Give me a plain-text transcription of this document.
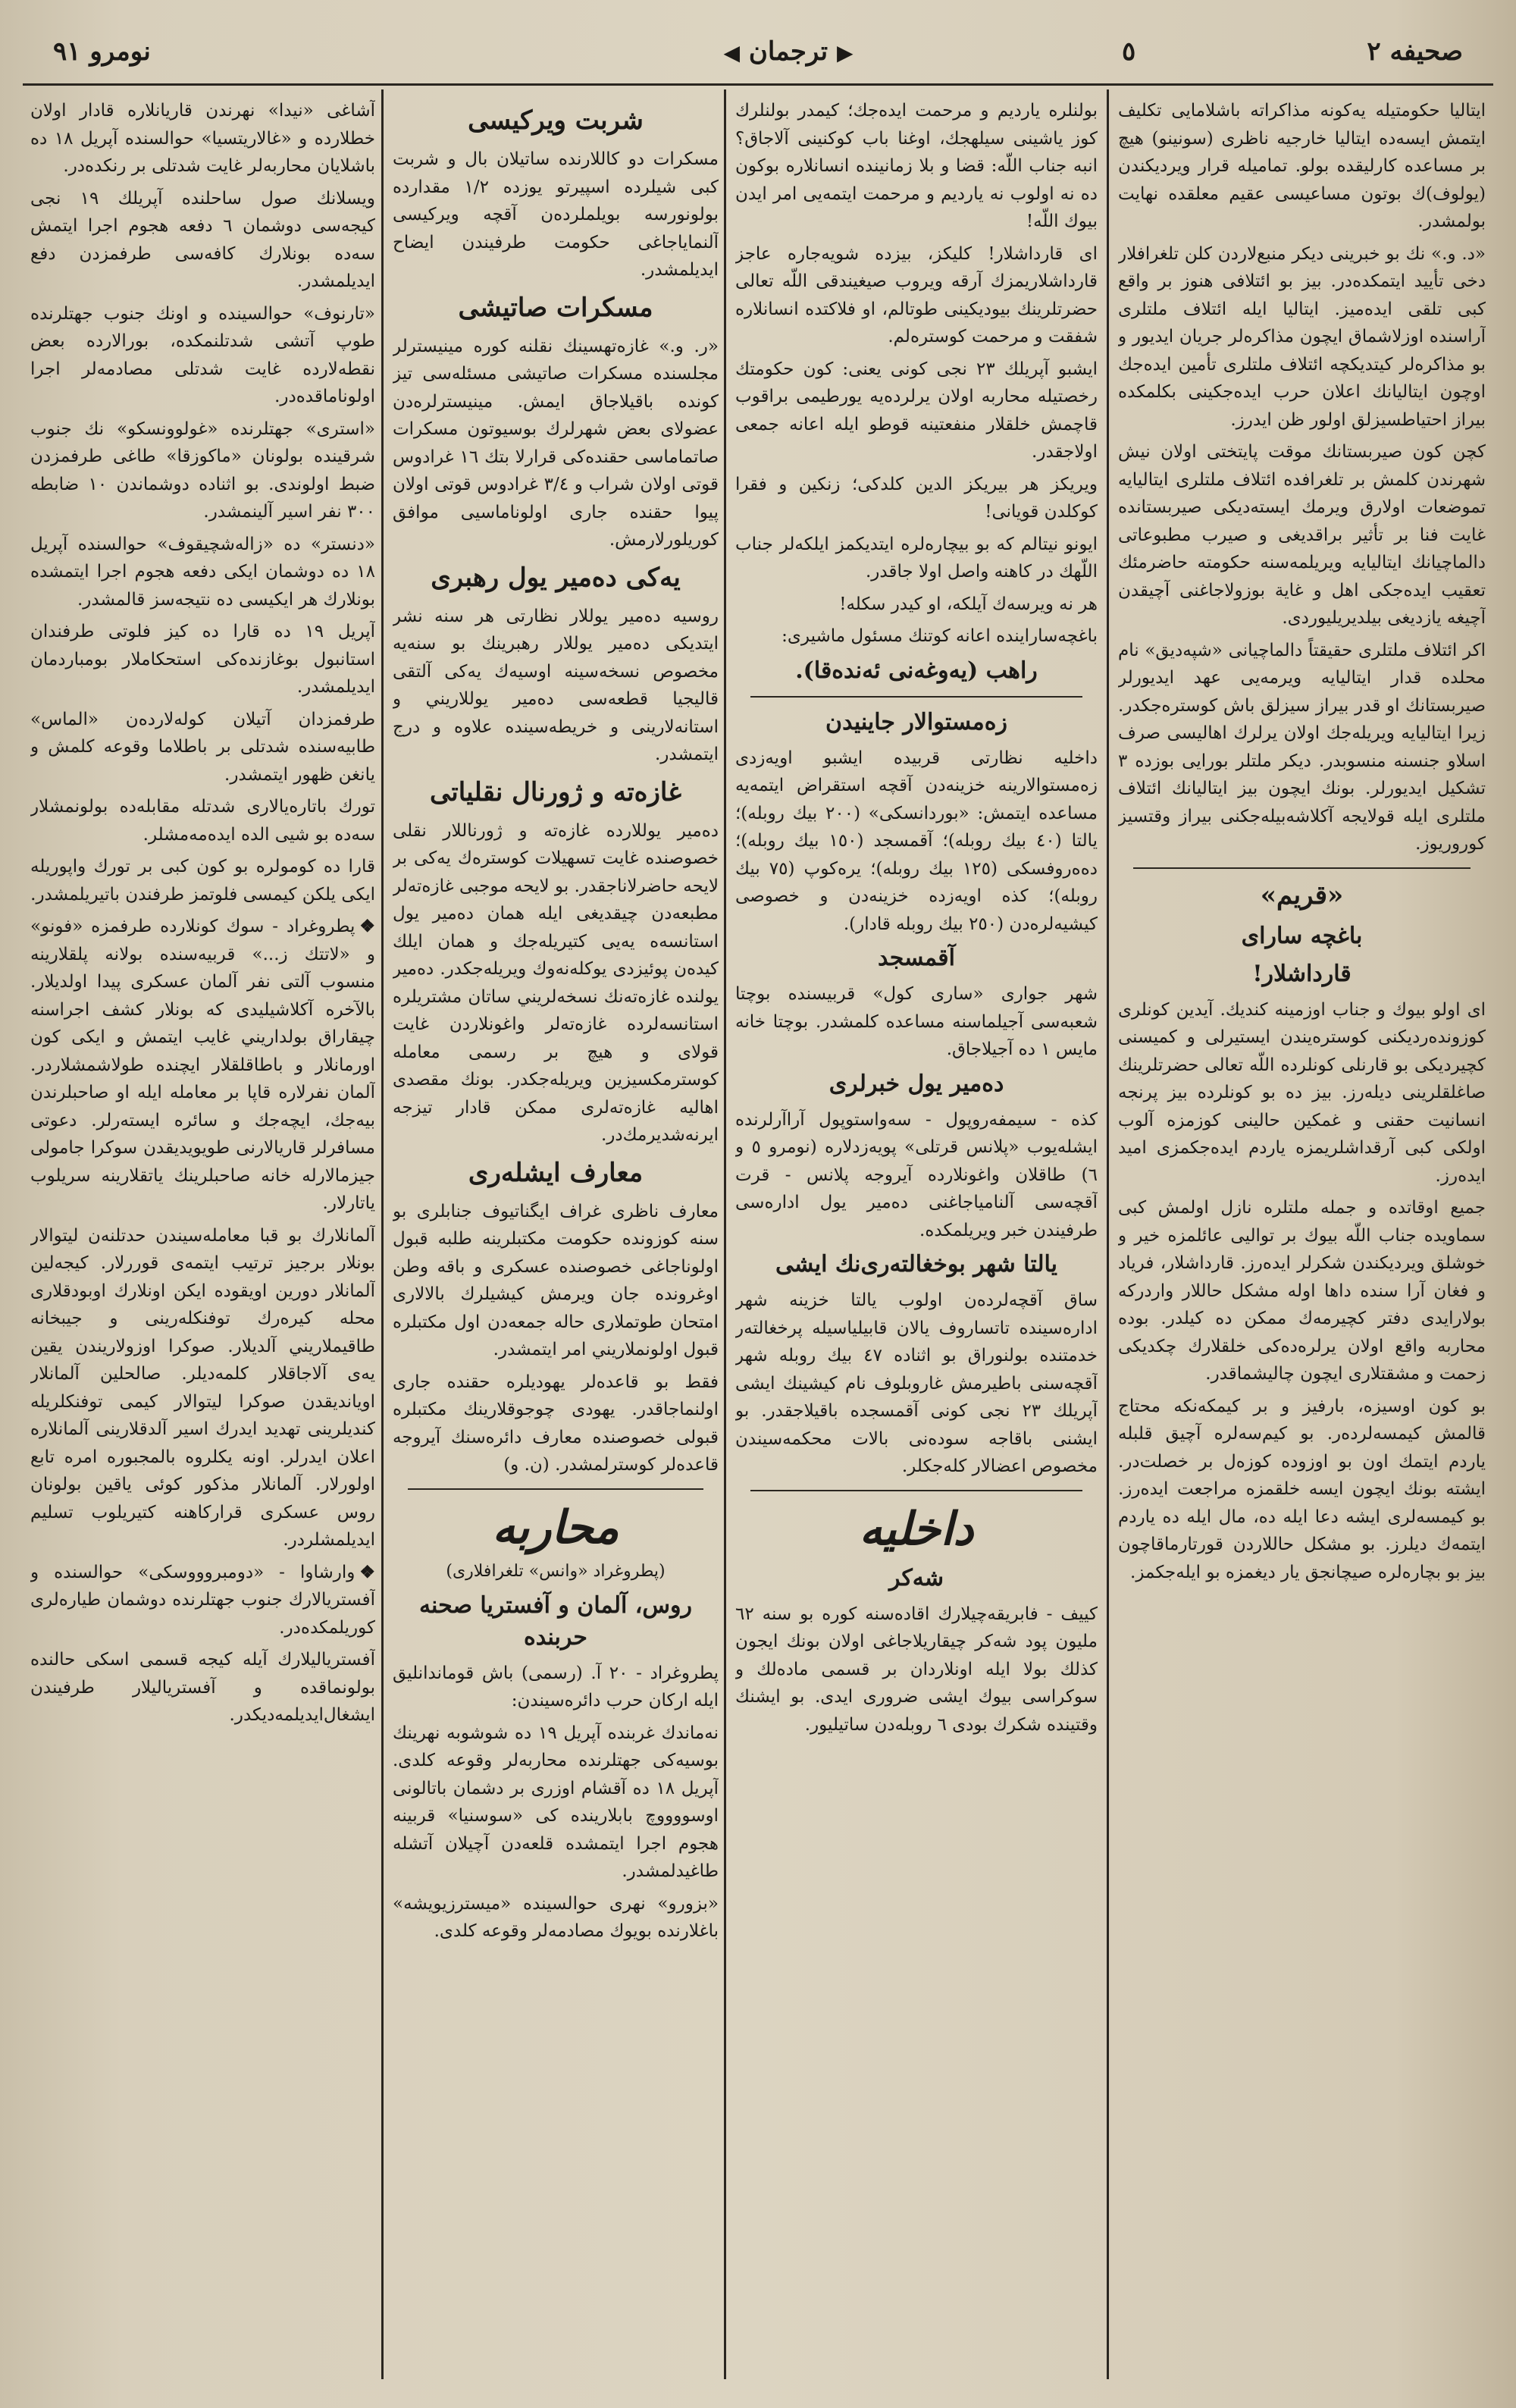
صحيفه ٢
٥
◀ ترجمان ▶
نومرو ٩١

ايتاليا حكومتيله يه‌كونه مذاكراته باشلامايى تكليف ايتمش ايسه‌ده ايتاليا خارجيه ناظرى (سونينو) هيچ بر مساعده كارليقده بولو. تماميله قرار ويرديكندن (يولوف)ك بوتون مساعيسى عقيم معلقده نهايت بولمشدر.

«د. و.» نك بو خبرينى ديكر منبع‌لاردن كلن تلغرافلار دخى تأييد ايتمكده‌در. بيز بو ائتلافى هنوز بر واقع كبى تلقى ايده‌ميز. ايتاليا ايله ائتلاف ملتلرى آراسنده اوزلاشماق ايچون مذاكره‌لر جريان ايديور و بو مذاكره‌لر كيتديكچه ائتلاف ملتلرى تأمين ايده‌جك اوچون ايتاليانك اعلان حرب ايده‌جكينى بكلمكده بيراز احتياطسيزلق اولور ظن ايدرز.

كچن كون صيربستانك موقت پايتختى اولان نيش شهرندن كلمش بر تلغرافده ائتلاف ملتلرى ايتاليايه تموضعات اولارق ويرمك ايسته‌ديكى صيربستانده غايت فنا بر تأثير براقديغى و صيرب مطبوعاتى دالماچيانك ايتاليايه ويريلمه‌سنه حكومته حاضرمئك تعقيب ايده‌جكى اهل و غاية بوزولاجاغنى آچيقدن آچيغه يازديغى بيلديريليوردى.

اكر ائتلاف ملتلرى حقيقتاً دالماچيانى «شپه‌ديق» نام محلده قدار ايتاليايه ويرمه‌يى عهد ايديورلر صيربستانك او قدر بيراز سيزلق باش كوستره‌جكدر. زيرا ايتاليايه ويريله‌جك اولان يرلرك اهاليسى صرف اسلاو جنسنه منسوبدر. ديكر ملتلر بورايى بوزده ٣ تشكيل ايديورلر. بونك ايچون بيز ايتاليانك ائتلاف ملتلرى ايله قولايجه آكلاشه‌بيله‌جكنى بيراز وقتسيز كوروريوز.

«قريم»
باغچه سارای
قارداشلار!

اى اولو بيوك و جناب اوزمينه كنديك. آيدين كونلرى كوزونده‌رديكنى كوستره‌يندن ايستيرلى و كميسنى كچيرديكى بو قارنلى كونلرده اللّه تعالى حضرتلرينك صاغلقلرينى ديله‌رز. بيز ده بو كونلرده بيز پرنجه انسانيت حقنى و غمكين حالينى كوزمزه آلوب اولكى كبى آرقداشلريمزه ياردم ايده‌جكمزى اميد ايده‌رز.

جميع اوقاتده و جمله ملتلره نازل اولمش كبى سماويده جناب اللّه بيوك بر تواليى عائلمزه خير و خوشلق ويرديكندن شكرلر ايده‌رز. قارداشلار، فرياد و فغان آرا سنده داها اوله مشكل حاللار واردركه بولارايدى دفتر كچيرمه‌ك ممكن ده كيلدر. بوده محاربه واقع اولان يرلره‌ده‌كى خلقلارك چكديكى زحمت و مشقتلارى ايچون چاليشماقدر.

بو كون اوسيزه، بارفيز و بر كيمكه‌نكه محتاج قالمش كيمسه‌لرده‌ر. بو كيم‌سه‌لره آچيق قلبله ياردم ايتمك اون بو اوزوده كوزه‌ل بر خصلت‌در. ايشته بونك ايچون ايسه خلقمزه مراجعت ايده‌رز. بو كيمسه‌لرى ايشه دعا ايله ده، مال ايله ده ياردم ايتمه‌ك ديلرز. بو مشكل حاللاردن قورتارماقاچون بيز بو بچاره‌لره صيچانجق يار ديغمزه بو ايله‌جكمز.

بولنلره يارديم و مرحمت ايده‌جك؛ كيمدر بولنلرك كوز ياشينى سيلهجك، اوغنا باب كوكنينى آلاجاق؟ انبه جناب اللّه: قضا و بلا زمانينده انسانلاره بوكون ده نه اولوب نه يارديم و مرحمت ايتمه‌يى امر ايدن بيوك اللّه!

اى قارداشلار! كليكز، بيزده شويه‌جاره عاجز قارداشلاريمزك آرقه ويروب صيغيندقى اللّه تعالى حضرتلرينك بيوديكينى طوتالم، او فلاكتده انسانلاره شفقت و مرحمت كوستره‌لم.

ايشبو آپريلك ٢٣ نجى كونى يعنى: كون حكومتك رخصتيله محاربه اولان يرلرده‌يه يورطيمى براقوب قاچمش خلقلار منفعتينه قوطو ايله اعانه جمعى اولاجقدر.

ويريكز هر بيريكز الدين كلدكى؛ زنكين و فقرا كوكلدن قويانى!

ايونو نيتالم كه بو بيچاره‌لره ايتديكمز ايلكه‌لر جناب اللّهك در كاهنه واصل اولا جاقدر.

هر نه ويرسه‌ك آيلكه، او كيدر سكله!

باغچه‌ساراينده اعانه كوتنك مسئول ماشيرى:

راهب (يه‌وغه‌نى ئه‌نده‌قا).
زه‌مستوالار جاينيدن

داخليه نظارتى قربيده ايشبو اويه‌زدى زه‌مستوالارينه خزينه‌دن آقچه استقراض ايتمه‌يه مساعده ايتمش: «بوردانسكى» (٢٠٠ بيك روبله)؛ يالتا (٤٠ بيك روبله)؛ آقمسجد (١٥٠ بيك روبله)؛ ده‌ه‌روفسكى (١٢٥ بيك روبله)؛ يره‌كوپ (٧٥ بيك روبله)؛ كذه اويه‌زده خزينه‌دن و خصوصى كيشيه‌لره‌دن (٢٥٠ بيك روبله قادار).

آقمسجد

شهر جوارى «سارى كول» قربيسنده بوچتا شعبه‌سى آجيلماسنه مساعده كلمشدر. بوچتا خانه مايس ١ ده آجيلاجاق.

ده‌مير يول خبرلرى

كذه - سيمفه‌روپول - سه‌واستوپول آراآرلرنده ايشله‌يوب «پلانس قرتلى» پويه‌زدلاره (نومرو ٥ و ٦) طاقلان واغونلارده آيروجه پلانس - قرت آقچه‌سى آلنامياجاغنى ده‌مير يول اداره‌سى طرفيندن خبر ويريلمكده.

يالتا شهر بوخغالته‌رى‌نك ايشى

ساق آقچه‌لرده‌ن اولوب يالتا خزينه شهر اداره‌سينده تاتساروف يالان قابيلياسيله پرخغالته‌ر خدمتنده بولنوراق بو اثناده ٤٧ بيك روبله شهر آقچه‌سنى باطيرمش غاروبلوف نام كيشينك ايشى آپريلك ٢٣ نجى كونى آقمسجده باقيلاجقدر. بو ايشنى باقاجه سود‌ه‌نى بالات محكمه‌سيندن مخصوص اعضالار كله‌جكلر.

داخليه
شه‌كر

كييف - فابريقه‌چيلارك اقاده‌سنه كوره بو سنه ٦٢ مليون پود شه‌كر چيقاريلاجاغى اولان بونك ايجون كذلك بولا ايله اونلاردان بر قسمى ماده‌لك و سوكراسى بيوك ايشى ضرورى ايدى. بو ايشنك وقتينده شكرك بودى ٦ روبله‌دن ساتيليور.

شربت ويركيسى

مسكرات دو كاللارنده ساتيلان بال و شربت كبى شيلرده اسپيرتو يوزده ١/٢ مقدارده بولونورسه بويلملرده‌ن آقچه ويركيسى آلنماياجاغى حكومت طرفيندن ايضاح ايديلمشدر.

مسكرات صاتيشى

«ر. و.» غازه‌تهسينك نقلنه كوره مينيستر‌لر مجلسنده مسكرات صاتيشى مسئله‌سى تيز كونده باقيلاجاق ايمش. مينيسترلره‌دن عضولاى بعض شهرلرك بوسيوتون مسكرات صاتماماسى حقنده‌كى قرارلا بتك ١٦ غرادوس قوتى اولان شراب و ٣/٤ غرادوس قوتى اولان پيوا حقنده جارى اولوناماسيى موافق كوريلورلارمش.

يه‌كى ده‌مير يول رهبرى

روسيه ده‌مير يوللار نظارتى هر سنه نشر ايتديكى ده‌مير يوللار رهبرينك بو سنه‌يه مخصوص نسخه‌سينه اوسيه‌ك يه‌كى آلتقى قاليجيا قطعه‌سى ده‌مير يوللاريني و استانه‌لارينى و خريطه‌سينده علاوه و درج ايتمشدر.

غازه‌ته و ژورنال نقلياتى

ده‌مير يوللارده غازه‌ته و ژورناللار نقلى خصوصنده غايت تسهيلات كوستره‌ك يه‌كى بر لايحه حاضرلاناجقدر. بو لايحه موجبى غازه‌ته‌لر مطبعه‌دن چيقديغى ايله همان ده‌مير يول استانسه‌ه يه‌يى كتيريله‌جك و همان ايلك كيده‌ن پوئيزدى يوكله‌نه‌وك ويريله‌جكدر. ده‌مير يولنده غازه‌ته‌نك نسخه‌لريني ساتان مشتريلره استانسه‌لرده غازه‌ته‌لر واغونلاردن غايت قولاى و هيچ بر رسمى معامله كوسترمكسيزين ويريله‌جكدر. بونك مقصدى اهاليه غازه‌ته‌لرى ممكن قادار تيزجه ايرنه‌شديرمك‌در.

معارف ايشله‌رى

معارف ناظرى غراف ايگناتيوف جنابلرى بو سنه كوزونده حكومت مكتبلرينه طلبه قبول اولوناجاغى خصوصنده عسكرى و باقه وطن اوغرونده جان ويرمش كيشيلرك بالالارى امتحان طوتملارى حاله جمعه‌دن اول مكتبلره قبول اولونملاريني امر ايتمشدر.

فقط بو قاعده‌لر يهوديلره حقنده جارى اولنماجاقدر. يهودى چوجوقلارينك مكتبلره قبولى خصوصنده معارف دائره‌سنك آيروجه قاعده‌لر كوسترلمشدر. (ن. و)

محاربه
(پطروغراد «وانس» تلغرافلارى)
روس، آلمان و آفستريا صحنه حربنده

پطروغراد - ٢٠ آ. (رسمى) باش قوماندانليق ايله اركان حرب دائره‌سيندن:

نه‌ماندك غربنده آپريل ١٩ ده شوشوبه نهرينك بوسيه‌كى جهتلرنده محاربه‌لر وقوعه كلدى. آپريل ١٨ ده آقشام اوزرى بر دشمان باتالونى اوسووووچ بابلارينده كى «سوسنيا» قربينه هجوم اجرا ايتمشده قلعه‌دن آچيلان آتشله طاغيدلمشدر.

«بزورو» نهرى حوالسينده «ميسترزيويشه» باغلارنده بويوك مصادمه‌لر وقوعه كلدى.

آشاغى «نيدا» نهرندن قاريانلاره قادار اولان خطلارده و «غالاريتسيا» حوالسنده آپريل ١٨ ده باشلايان محاربه‌لر غايت شدتلى بر رنكده‌در.

ويسلانك صول ساحلنده آپريلك ١٩ نجى كيجه‌سى دوشمان ٦ دفعه هجوم اجرا ايتمش سه‌ده بونلارك كافه‌سى طرفمزدن دفع ايديلمشدر.

«تارنوف» حوالسينده و اونك جنوب جهتلرنده طوپ آتشى شدتلنمكده، بورالارده بعض نقطه‌لارده غايت شدتلى مصادمه‌لر اجرا اولوناماقده‌در.

«استرى» جهتلرنده «غولوونسكو» نك جنوب شرقينده بولونان «ماكوزقا» طاغى طرفمزدن ضبط اولوندى. بو اثناده دوشماندن ١٠ ضابطه ٣٠٠ نفر اسير آلينمشدر.

«دنستر» ده «زاله‌شچيقوف» حوالسنده آپريل ١٨ ده دوشمان ايكى دفعه هجوم اجرا ايتمشده بونلارك هر ايكيسى ده نتيجه‌سز قالمشدر.

آپريل ١٩ ده قارا ده كيز فلوتى طرفندان استانبول بوغازنده‌كى استحكاملار بومباردمان ايديلمشدر.

طرفمزدان آتيلان كوله‌لارده‌ن «الماس» طابيه‌سنده شدتلى بر باطلاما وقوعه كلمش و يانغن ظهور ايتمشدر.

تورك باتاره‌يالارى شدتله مقابله‌ده بولونمشلار سه‌ده بو شيى الده ايده‌مه‌مشلر.

قارا ده كومولره بو كون كبى بر تورك واپوريله ايكى يلكن كيمسى فلوتمز طرفندن باتيريلمشدر.

❖پطروغراد - سوك كونلارده طرفمزه «فونو» و «لاتتك ز...» قربيه‌سنده بولانه پلقلارينه منسوب آلتى نفر آلمان عسكرى پيدا اولديلار. بالآخره آكلاشيليدى كه بونلار كشف اجراسنه چيقاراق بولداريني غايب ايتمش و ايكى كون اورمانلار و باطاقلقلار ايچنده طولاشمشلاردر. آلمان نفرلاره قاپا بر معامله ايله او صاحبلرندن بيه‌جك، ايچه‌جك و سائره ايسته‌رلر. دعوتى مسافرلر قاريالارنى طويويديقدن سوكرا جامولى جيزمالارله خانه صاحبلرينك ياتقلارينه سريلوب ياتارلار.

آلمانلارك بو قبا معامله‌سيندن حدتلنه‌ن ليتوالار بونلار برجيز ترتيب ايتمه‌ى قوررلار. كيجه‌لين آلمانلار دورين اويقوده ايكن اونلارك اوبودقلارى محله كيره‌رك توفنكله‌رينى و جيبخانه طاقيملاريني آلديلار. صوكرا اوزولاريندن يقين يه‌ى آلاجاقلار كلمه‌ديلر. صالحلين آلمانلار اويانديقدن صوكرا ليتوالار كيمى توفنكلريله كنديلرينى تهديد ايدرك اسير آلدقلارينى آلمانلاره اعلان ايدرلر. اونه يكلروه بالمجبوره امره تابع اولورلار. آلمانلار مذكور كوئى ياقين بولونان روس عسكرى قراركاهنه كتيريلوب تسليم ايديلمشلردر.

❖وارشاوا - «دومبروووسكى» حوالسنده و آفستريالارك جنوب جهتلرنده دوشمان طياره‌لرى كوريلمكده‌در.

آفسترياليلارك آيله كيجه قسمى اسكى حالنده بولونماقده و آفسترياليلار طرفيندن ايشغال‌ايديلمه‌ديكدر.
